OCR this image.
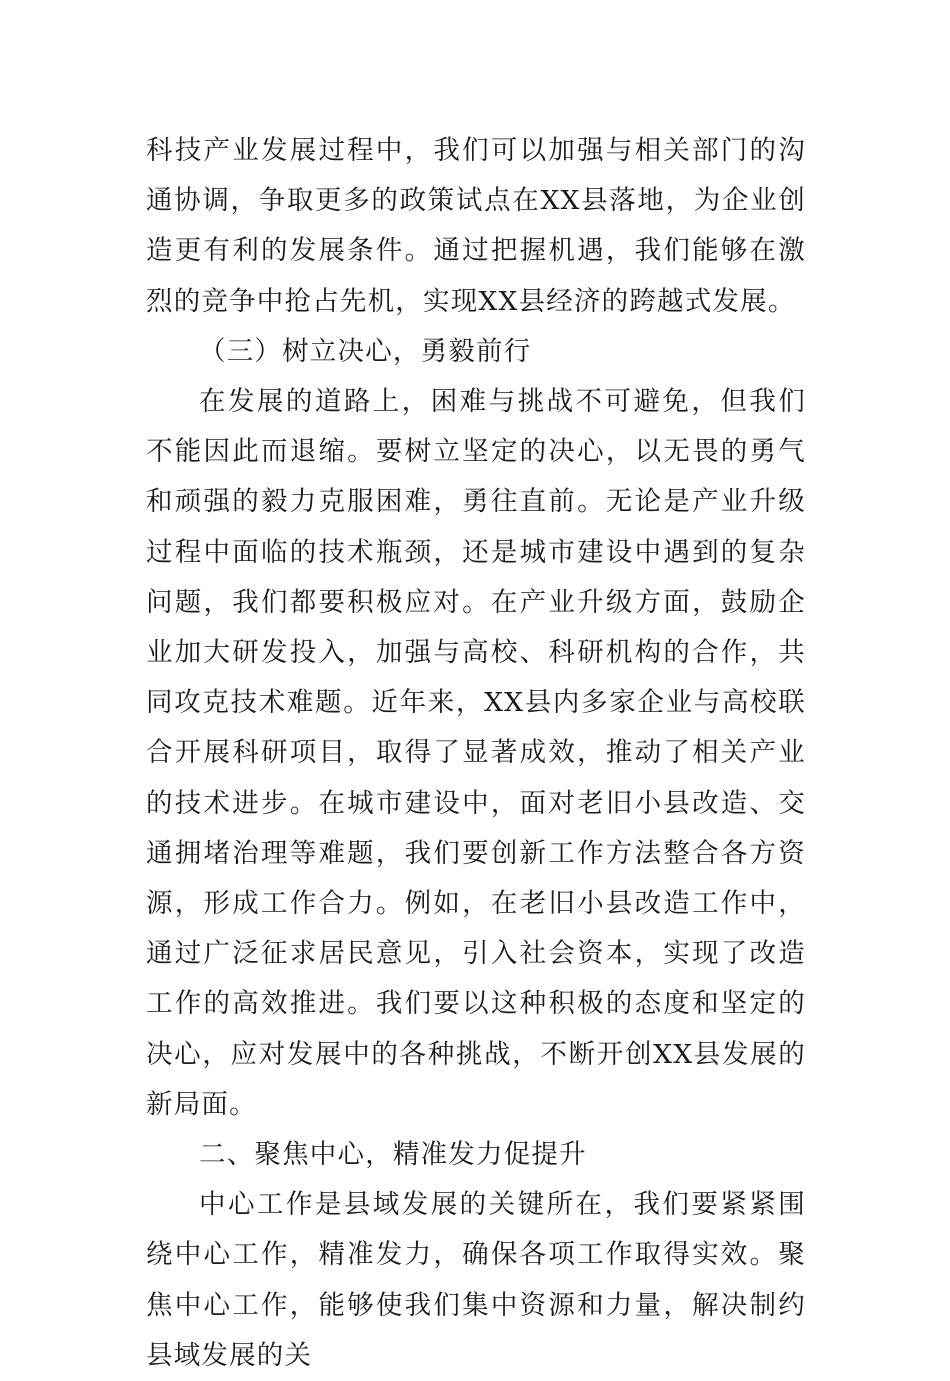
科技产业发展过程中，我们可以加强与相关部门的沟通协调，争取更多的政策试点在XX县落地，为企业创造更有利的发展条件。通过把握机遇，我们能够在激烈的竞争中抢占先机，实现XX县经济的跨越式发展。

（三）树立决心，勇毅前行

在发展的道路上，困难与挑战不可避免，但我们不能因此而退缩。要树立坚定的决心，以无畏的勇气和顽强的毅力克服困难，勇往直前。无论是产业升级过程中面临的技术瓶颈，还是城市建设中遇到的复杂问题，我们都要积极应对。在产业升级方面，鼓励企业加大研发投入，加强与高校、科研机构的合作，共同攻克技术难题。近年来，XX县内多家企业与高校联合开展科研项目，取得了显著成效，推动了相关产业的技术进步。在城市建设中，面对老旧小县改造、交通拥堵治理等难题，我们要创新工作方法整合各方资源，形成工作合力。例如，在老旧小县改造工作中，通过广泛征求居民意见，引入社会资本，实现了改造工作的高效推进。我们要以这种积极的态度和坚定的决心，应对发展中的各种挑战，不断开创XX县发展的新局面。

二、聚焦中心，精准发力促提升

中心工作是县域发展的关键所在，我们要紧紧围绕中心工作，精准发力，确保各项工作取得实效。聚焦中心工作，能够使我们集中资源和力量，解决制约县域发展的关
